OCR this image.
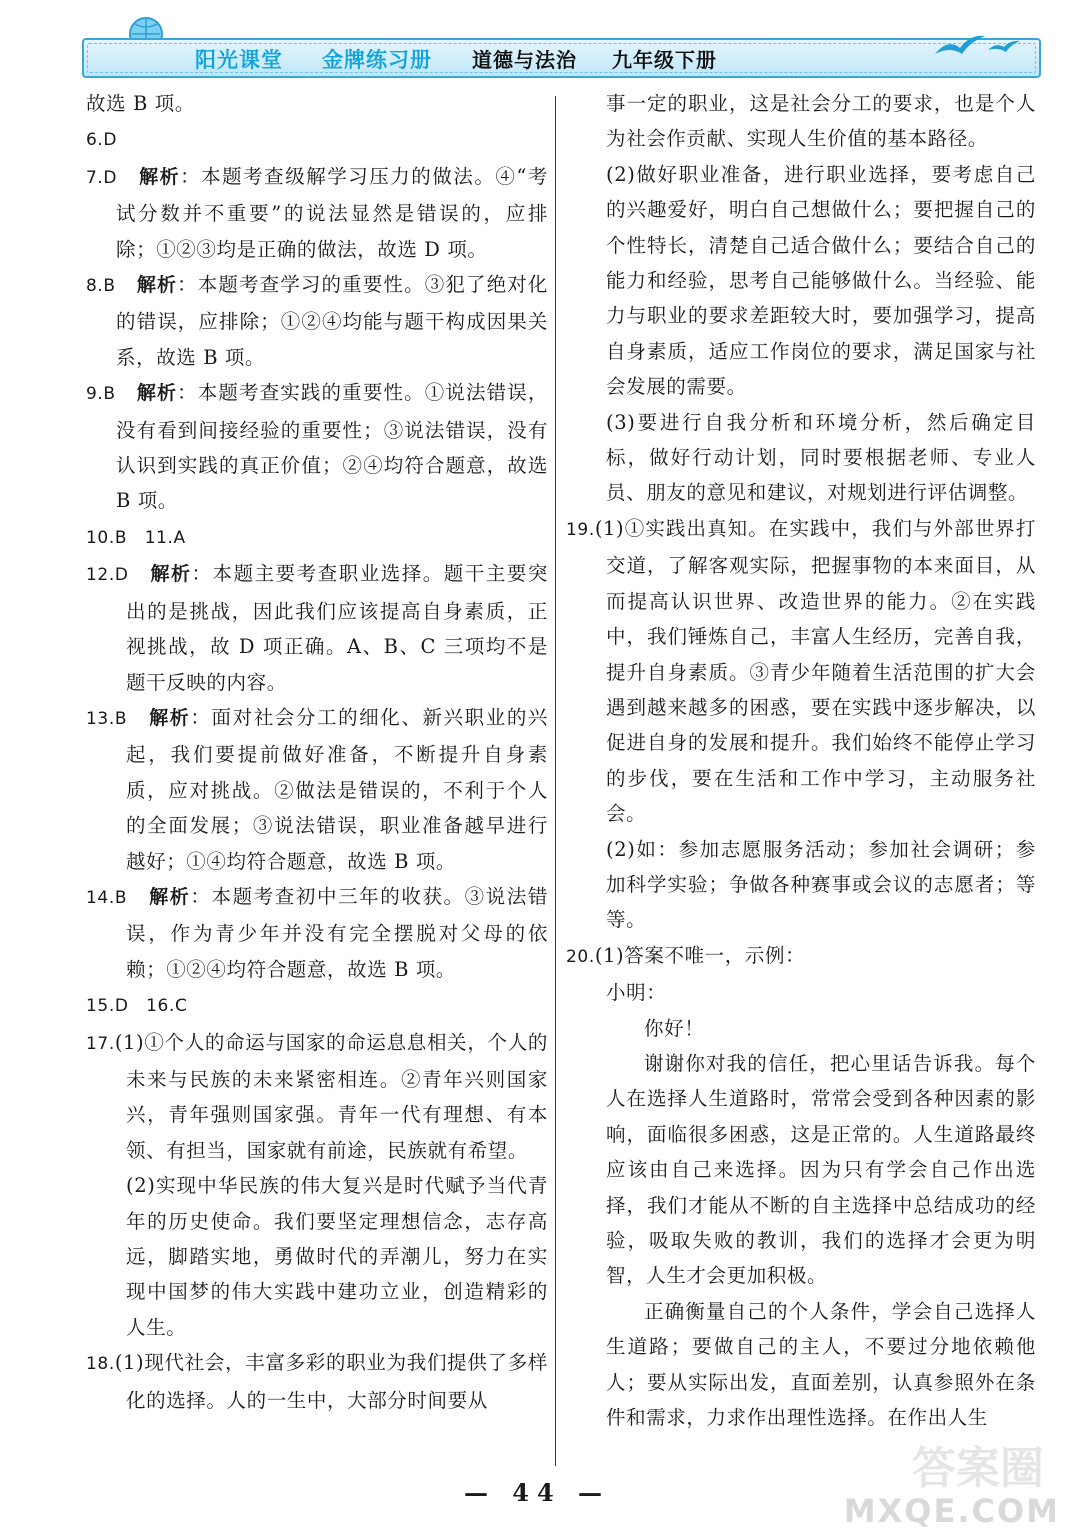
阳光课堂 金牌练习册 道德与法治 九年级下册

故选 B 项。

6.D

7.D　 解析：本题考查级解学习压力的做法。④“考试分数并不重要”的说法显然是错误的，应排除；①②③均是正确的做法，故选 D 项。

8.B　 解析：本题考查学习的重要性。③犯了绝对化的错误，应排除；①②④均能与题干构成因果关系，故选 B 项。

9.B　 解析：本题考查实践的重要性。①说法错误，没有看到间接经验的重要性；③说法错误，没有认识到实践的真正价值；②④均符合题意，故选 B 项。

10.B　11.A

12.D　 解析：本题主要考查职业选择。题干主要突出的是挑战，因此我们应该提高自身素质，正视挑战，故 D 项正确。A、B、C 三项均不是题干反映的内容。

13.B　 解析：面对社会分工的细化、新兴职业的兴起，我们要提前做好准备，不断提升自身素质，应对挑战。②做法是错误的，不利于个人的全面发展；③说法错误，职业准备越早进行越好；①④均符合题意，故选 B 项。

14.B　 解析：本题考查初中三年的收获。③说法错误，作为青少年并没有完全摆脱对父母的依赖；①②④均符合题意，故选 B 项。

15.D　16.C

17.(1)①个人的命运与国家的命运息息相关，个人的未来与民族的未来紧密相连。②青年兴则国家兴，青年强则国家强。青年一代有理想、有本领、有担当，国家就有前途，民族就有希望。

(2)实现中华民族的伟大复兴是时代赋予当代青年的历史使命。我们要坚定理想信念，志存高远，脚踏实地，勇做时代的弄潮儿，努力在实现中国梦的伟大实践中建功立业，创造精彩的人生。

18.(1)现代社会，丰富多彩的职业为我们提供了多样化的选择。人的一生中，大部分时间要从

事一定的职业，这是社会分工的要求，也是个人为社会作贡献、实现人生价值的基本路径。

(2)做好职业准备，进行职业选择，要考虑自己的兴趣爱好，明白自己想做什么；要把握自己的个性特长，清楚自己适合做什么；要结合自己的能力和经验，思考自己能够做什么。当经验、能力与职业的要求差距较大时，要加强学习，提高自身素质，适应工作岗位的要求，满足国家与社会发展的需要。

(3)要进行自我分析和环境分析，然后确定目标，做好行动计划，同时要根据老师、专业人员、朋友的意见和建议，对规划进行评估调整。

19.(1)①实践出真知。在实践中，我们与外部世界打交道，了解客观实际，把握事物的本来面目，从而提高认识世界、改造世界的能力。②在实践中，我们锤炼自己，丰富人生经历，完善自我，提升自身素质。③青少年随着生活范围的扩大会遇到越来越多的困惑，要在实践中逐步解决，以促进自身的发展和提升。我们始终不能停止学习的步伐，要在生活和工作中学习，主动服务社会。

(2)如：参加志愿服务活动；参加社会调研；参加科学实验；争做各种赛事或会议的志愿者；等等。

20.(1)答案不唯一，示例：

小明：

你好！

谢谢你对我的信任，把心里话告诉我。每个人在选择人生道路时，常常会受到各种因素的影响，面临很多困惑，这是正常的。人生道路最终应该由自己来选择。因为只有学会自己作出选择，我们才能从不断的自主选择中总结成功的经验，吸取失败的教训，我们的选择才会更为明智，人生才会更加积极。

正确衡量自己的个人条件，学会自己选择人生道路；要做自己的主人，不要过分地依赖他人；要从实际出发，直面差别，认真参照外在条件和需求，力求作出理性选择。在作出人生

— 44 —	答案圈
MXQE.COM
